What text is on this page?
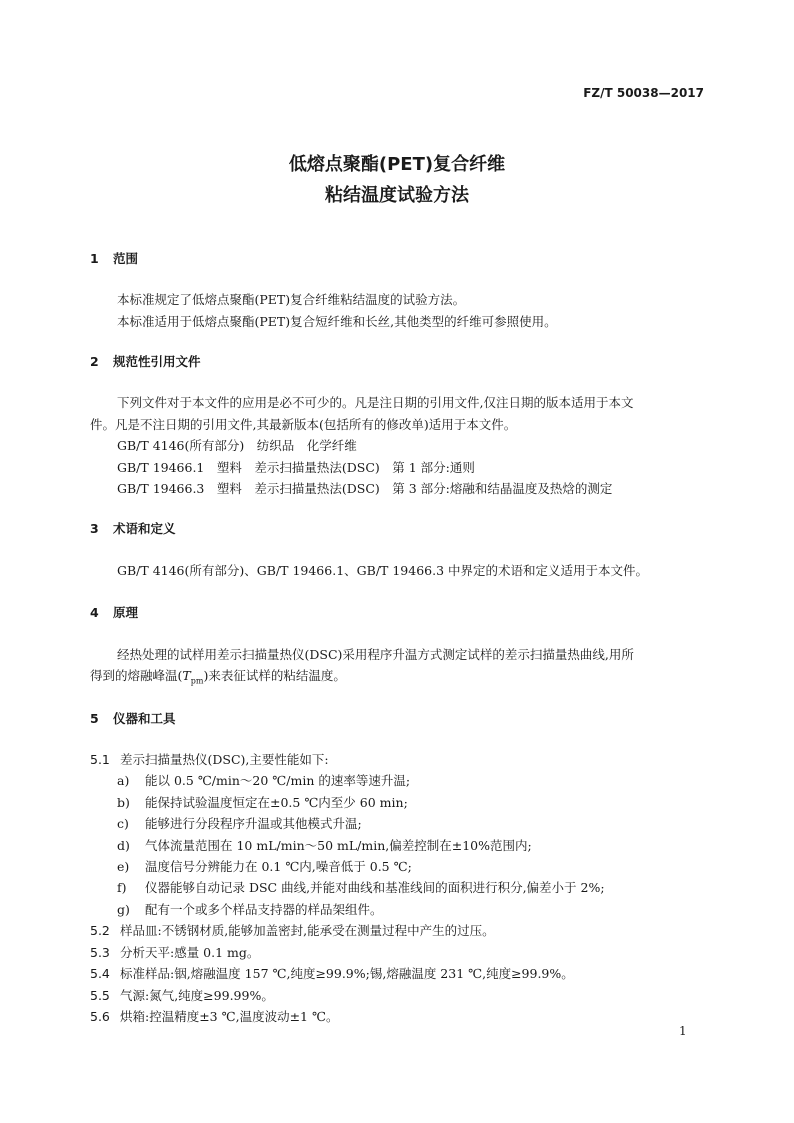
FZ/T 50038—2017
低熔点聚酯(PET)复合纤维
粘结温度试验方法
1 范围
本标准规定了低熔点聚酯(PET)复合纤维粘结温度的试验方法。
本标准适用于低熔点聚酯(PET)复合短纤维和长丝,其他类型的纤维可参照使用。
2 规范性引用文件
下列文件对于本文件的应用是必不可少的。凡是注日期的引用文件,仅注日期的版本适用于本文
件。凡是不注日期的引用文件,其最新版本(包括所有的修改单)适用于本文件。
GB/T 4146(所有部分)　纺织品　化学纤维
GB/T 19466.1　塑料　差示扫描量热法(DSC)　第 1 部分:通则
GB/T 19466.3　塑料　差示扫描量热法(DSC)　第 3 部分:熔融和结晶温度及热焓的测定
3 术语和定义
GB/T 4146(所有部分)、GB/T 19466.1、GB/T 19466.3 中界定的术语和定义适用于本文件。
4 原理
经热处理的试样用差示扫描量热仪(DSC)采用程序升温方式测定试样的差示扫描量热曲线,用所
得到的熔融峰温$(T_{pm})$来表征试样的粘结温度。
5 仪器和工具
5.1 差示扫描量热仪(DSC),主要性能如下:
a) 能以 0.5 ℃/min～20 ℃/min 的速率等速升温;
b) 能保持试验温度恒定在±0.5 ℃内至少 60 min;
c) 能够进行分段程序升温或其他模式升温;
d) 气体流量范围在 10 mL/min～50 mL/min,偏差控制在±10%范围内;
e) 温度信号分辨能力在 0.1 ℃内,噪音低于 0.5 ℃;
f) 仪器能够自动记录 DSC 曲线,并能对曲线和基准线间的面积进行积分,偏差小于 2%;
g) 配有一个或多个样品支持器的样品架组件。
5.2 样品皿:不锈钢材质,能够加盖密封,能承受在测量过程中产生的过压。
5.3 分析天平:感量 0.1 mg。
5.4 标准样品:铟,熔融温度 157 ℃,纯度≥99.9%;锡,熔融温度 231 ℃,纯度≥99.9%。
5.5 气源:氮气,纯度≥99.99%。
5.6 烘箱:控温精度±3 ℃,温度波动±1 ℃。
1
